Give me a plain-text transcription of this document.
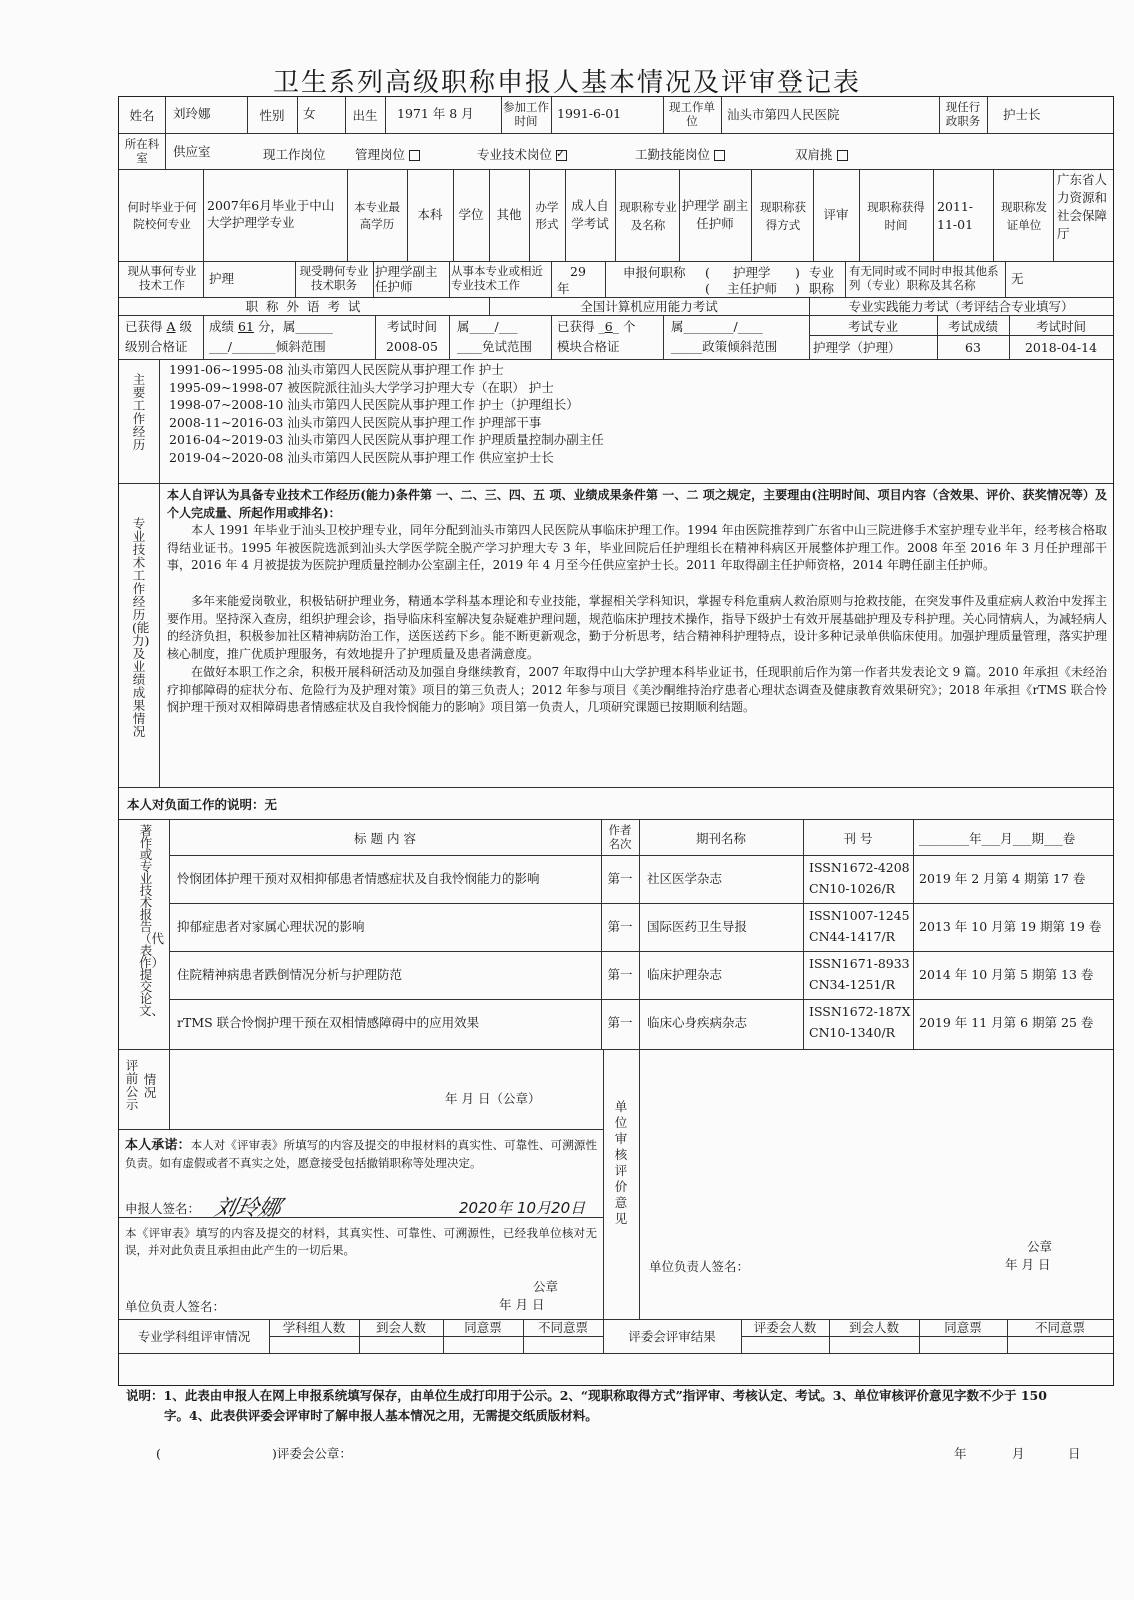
卫生系列高级职称申报人基本情况及评审登记表
姓名	刘玲娜	性别	女	出生	1971 年 8 月	参加工作时间	1991-6-01	现工作单位	汕头市第四人民医院	现任行政职务	护士长
所在科室	供应室	现工作岗位 管理岗位	专业技术岗位✓	工勤技能岗位	双肩挑
何时毕业于何院校何专业
2007年6月毕业于中山大学护理学专业
本专业最高学历
本科	学位	其他	办学形式
成人自学考试
现职称专业及名称
护理学 副主任护师
现职称获得方式
评审	现职称获得时间
2011-11-01
现职称发证单位
广东省人力资源和社会保障厅
现从事何专业技术工作	护理	现受聘何专业技术职务
护理学副主任护师
从事本专业或相近专业技术工作
29
年
申报何职称 ( 护理学 ) 专业
( 主任护师 ) 职称
有无同时或不同时申报其他系列（专业）职称及其名称	无
职 称 外 语 考 试	全国计算机应用能力考试	专业实践能力考试（考评结合专业填写）
已获得 A 级
级别合格证
成绩 61 分，属______
___/_______倾斜范围
考试时间
2008-05
属____/___
____免试范围
已获得 _6_ 个
模块合格证
属________/____
_____政策倾斜范围
考试专业
护理学（护理）
考试成绩
63
考试时间
2018-04-14
主要工作经历
1991-06~1995-08 汕头市第四人民医院从事护理工作 护士
1995-09~1998-07 被医院派往汕头大学学习护理大专（在职） 护士
1998-07~2008-10 汕头市第四人民医院从事护理工作 护士（护理组长）
2008-11~2016-03 汕头市第四人民医院从事护理工作 护理部干事
2016-04~2019-03 汕头市第四人民医院从事护理工作 护理质量控制办副主任
2019-04~2020-08 汕头市第四人民医院从事护理工作 供应室护士长
专业技术工作经历(能力)及业绩成果情况
本人自评认为具备专业技术工作经历(能力)条件第 一、二、三、四、五 项、业绩成果条件第 一、二 项之规定，主要理由(注明时间、项目内容（含效果、评价、获奖情况等）及个人完成量、所起作用或排名)：
本人 1991 年毕业于汕头卫校护理专业，同年分配到汕头市第四人民医院从事临床护理工作。1994 年由医院推荐到广东省中山三院进修手术室护理专业半年，经考核合格取得结业证书。1995 年被医院选派到汕头大学医学院全脱产学习护理大专 3 年，毕业回院后任护理组长在精神科病区开展整体护理工作。2008 年至 2016 年 3 月任护理部干事，2016 年 4 月被提拔为医院护理质量控制办公室副主任，2019 年 4 月至今任供应室护士长。2011 年取得副主任护师资格，2014 年聘任副主任护师。
多年来能爱岗敬业，积极钻研护理业务，精通本学科基本理论和专业技能，掌握相关学科知识，掌握专科危重病人救治原则与抢救技能，在突发事件及重症病人救治中发挥主要作用。坚持深入查房，组织护理会诊，指导临床科室解决复杂疑难护理问题，规范临床护理技术操作，指导下级护士有效开展基础护理及专科护理。关心同情病人，为减轻病人的经济负担，积极参加社区精神病防治工作，送医送药下乡。能不断更新观念，勤于分析思考，结合精神科护理特点，设计多种记录单供临床使用。加强护理质量管理，落实护理核心制度，推广优质护理服务，有效地提升了护理质量及患者满意度。
在做好本职工作之余，积极开展科研活动及加强自身继续教育，2007 年取得中山大学护理本科毕业证书，任现职前后作为第一作者共发表论文 9 篇。2010 年承担《未经治疗抑郁障碍的症状分布、危险行为及护理对策》项目的第三负责人；2012 年参与项目《美沙酮维持治疗患者心理状态调查及健康教育效果研究》；2018 年承担《rTMS 联合怜悯护理干预对双相障碍患者情感症状及自我怜悯能力的影响》项目第一负责人，几项研究课题已按期顺利结题。
本人对负面工作的说明：无
著作或专业技术报告（代表作）提交论文、
标 题 内 容
作者名次	期刊名称	刊 号	________年___月___期___卷
怜悯团体护理干预对双相抑郁患者情感症状及自我怜悯能力的影响	第一	社区医学杂志
ISSN1672-4208
CN10-1026/R
2019 年 2 月第 4 期第 17 卷
抑郁症患者对家属心理状况的影响	第一	国际医药卫生导报
ISSN1007-1245
CN44-1417/R
2013 年 10 月第 19 期第 19 卷
住院精神病患者跌倒情况分析与护理防范	第一	临床护理杂志
ISSN1671-8933
CN34-1251/R
2014 年 10 月第 5 期第 13 卷
rTMS 联合怜悯护理干预在双相情感障碍中的应用效果	第一	临床心身疾病杂志
ISSN1672-187X
CN10-1340/R
2019 年 11 月第 6 期第 25 卷
评前公示
情况	年 月 日（公章）
本人承诺：本人对《评审表》所填写的内容及提交的申报材料的真实性、可靠性、可溯源性负责。如有虚假或者不真实之处，愿意接受包括撤销职称等处理决定。
申报人签名： 刘玲娜	2020年 10月20日
本《评审表》填写的内容及提交的材料，其真实性、可靠性、可溯源性，已经我单位核对无误，并对此负责且承担由此产生的一切后果。
公章
年 月 日
单位负责人签名：
单位审核评价意见
单位负责人签名：
公章
年 月 日
专业学科组评审情况
学科组人数	到会人数	同意票	不同意票
评委会评审结果
评委会人数	到会人数	同意票	不同意票
说明：1、此表由申报人在网上申报系统填写保存，由单位生成打印用于公示。2、“现职称取得方式”指评审、考核认定、考试。3、单位审核评价意见字数不少于 150
字。4、此表供评委会评审时了解申报人基本情况之用，无需提交纸质版材料。
(	)评委会公章：	年	月	日
